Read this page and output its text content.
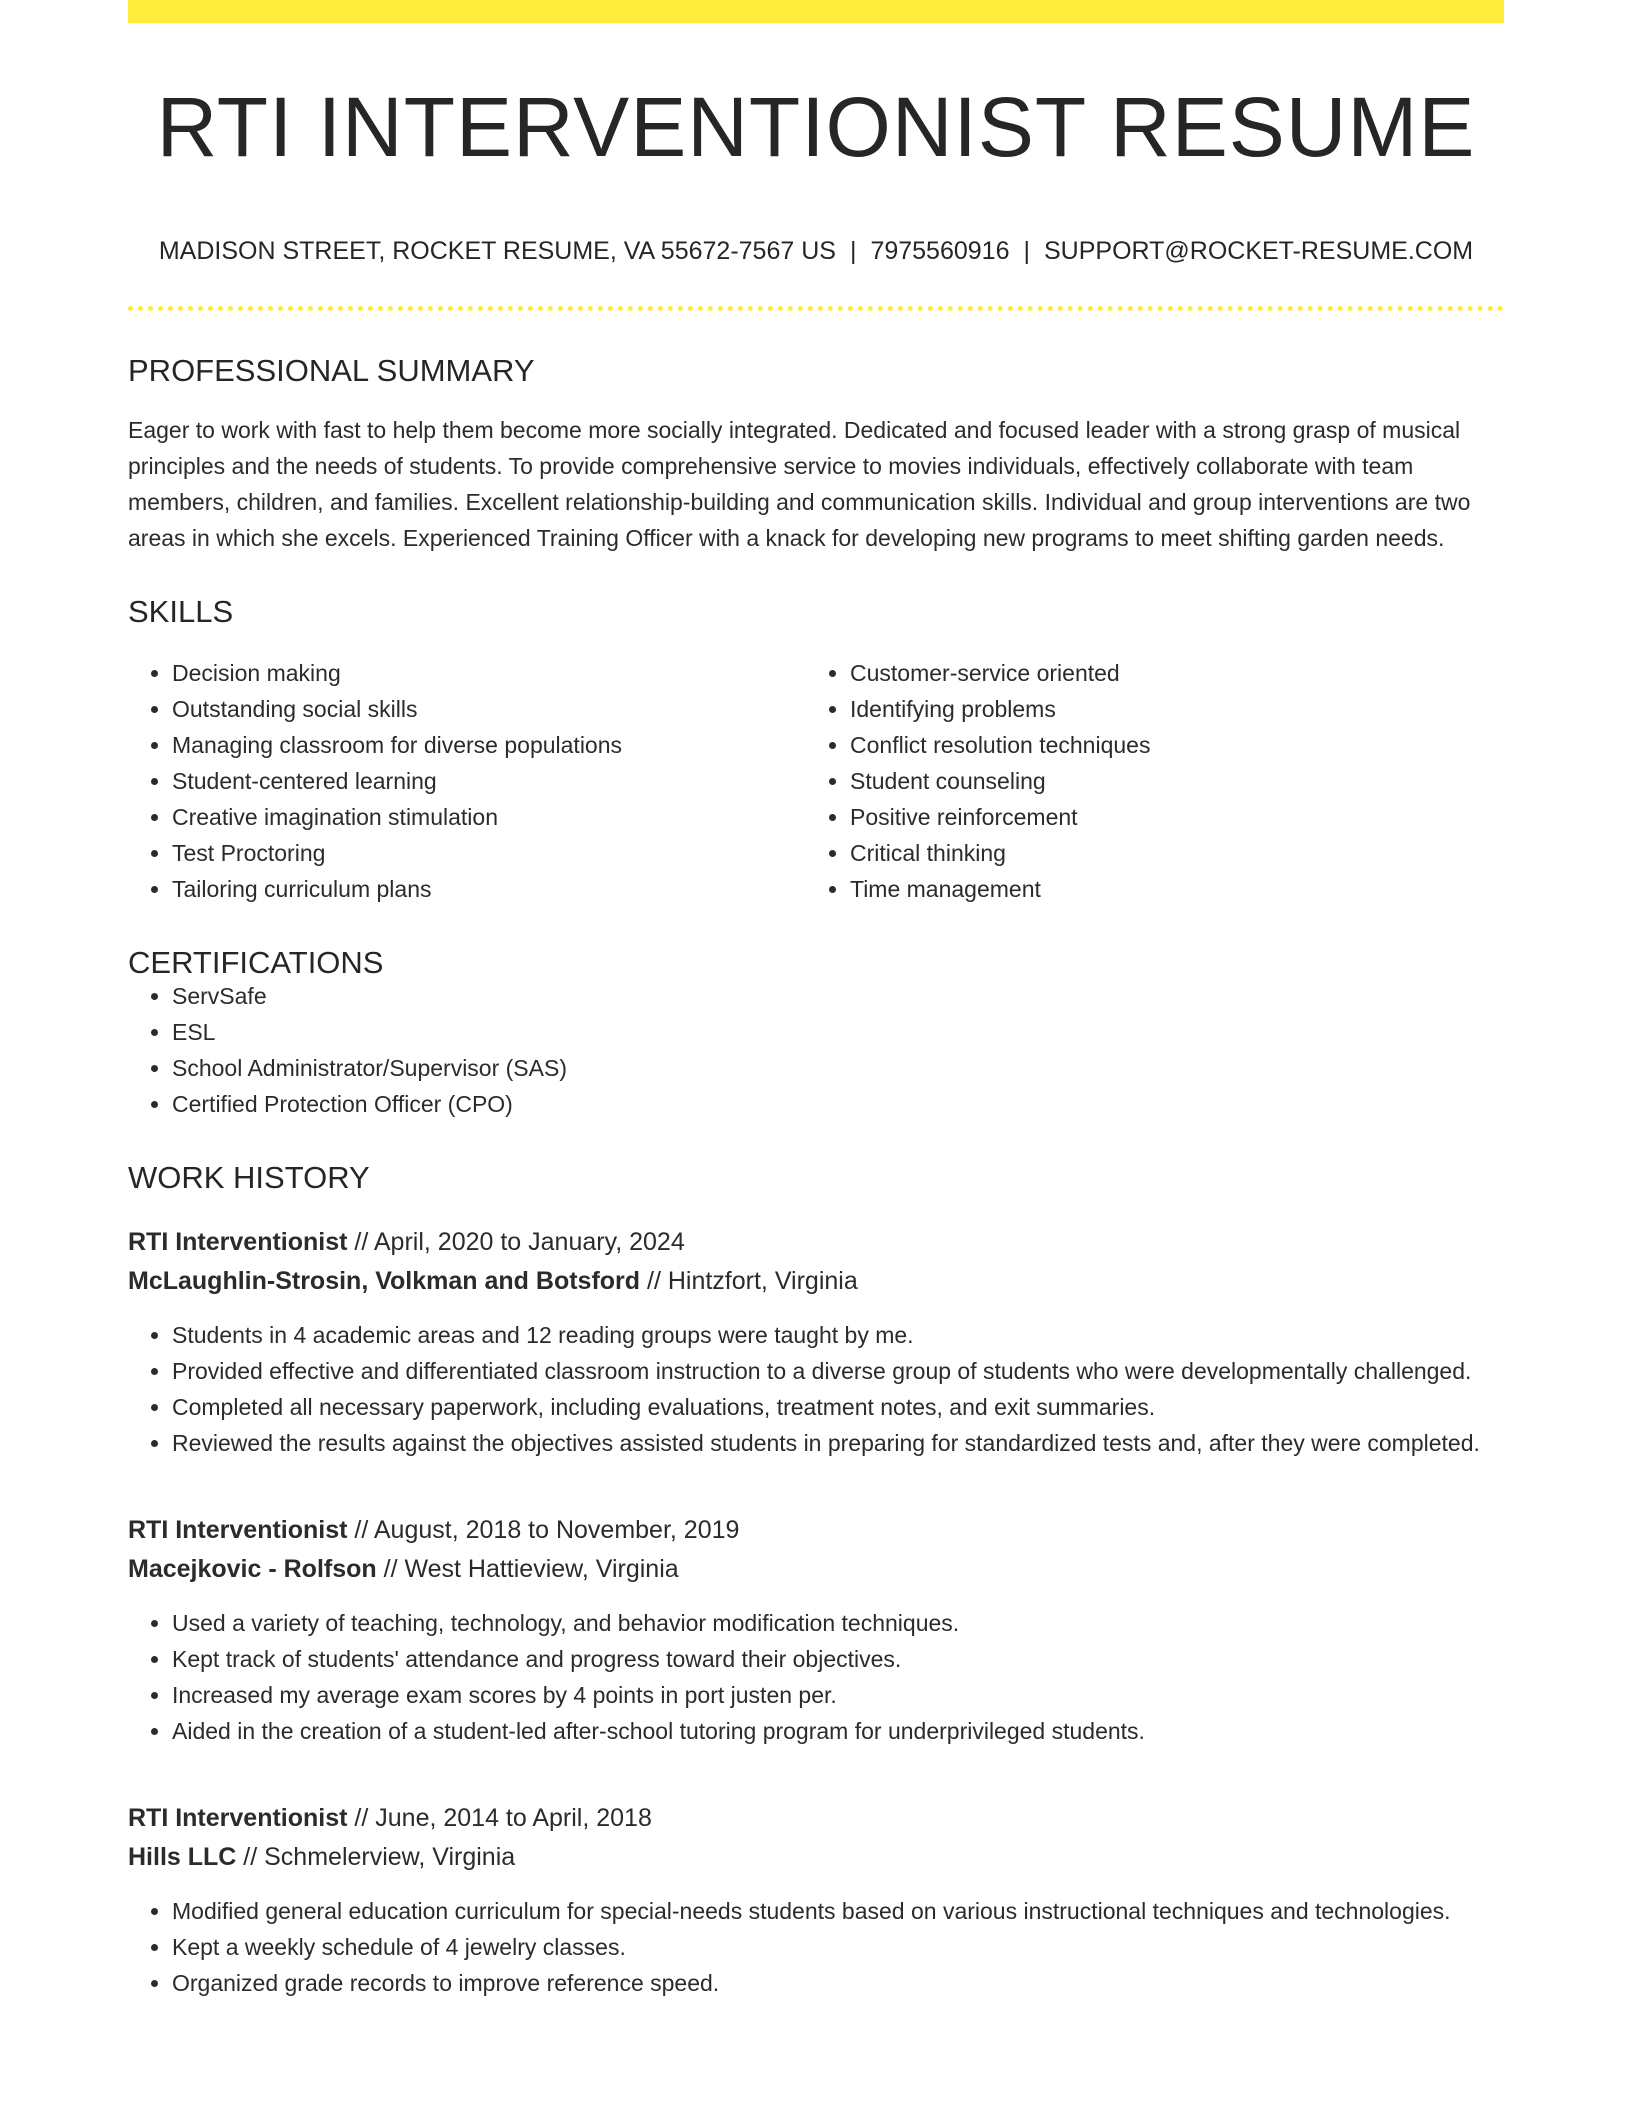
RTI INTERVENTIONIST RESUME
MADISON STREET, ROCKET RESUME, VA 55672-7567 US | 7975560916 | SUPPORT@ROCKET-RESUME.COM
PROFESSIONAL SUMMARY
Eager to work with fast to help them become more socially integrated. Dedicated and focused leader with a strong grasp of musical principles and the needs of students. To provide comprehensive service to movies individuals, effectively collaborate with team members, children, and families. Excellent relationship-building and communication skills. Individual and group interventions are two areas in which she excels. Experienced Training Officer with a knack for developing new programs to meet shifting garden needs.
SKILLS
• Decision making
• Outstanding social skills
• Managing classroom for diverse populations
• Student-centered learning
• Creative imagination stimulation
• Test Proctoring
• Tailoring curriculum plans
• Customer-service oriented
• Identifying problems
• Conflict resolution techniques
• Student counseling
• Positive reinforcement
• Critical thinking
• Time management
CERTIFICATIONS
• ServSafe
• ESL
• School Administrator/Supervisor (SAS)
• Certified Protection Officer (CPO)
WORK HISTORY
RTI Interventionist // April, 2020 to January, 2024
McLaughlin-Strosin, Volkman and Botsford // Hintzfort, Virginia
• Students in 4 academic areas and 12 reading groups were taught by me.
• Provided effective and differentiated classroom instruction to a diverse group of students who were developmentally challenged.
• Completed all necessary paperwork, including evaluations, treatment notes, and exit summaries.
• Reviewed the results against the objectives assisted students in preparing for standardized tests and, after they were completed.
RTI Interventionist // August, 2018 to November, 2019
Macejkovic - Rolfson // West Hattieview, Virginia
• Used a variety of teaching, technology, and behavior modification techniques.
• Kept track of students' attendance and progress toward their objectives.
• Increased my average exam scores by 4 points in port justen per.
• Aided in the creation of a student-led after-school tutoring program for underprivileged students.
RTI Interventionist // June, 2014 to April, 2018
Hills LLC // Schmelerview, Virginia
• Modified general education curriculum for special-needs students based on various instructional techniques and technologies.
• Kept a weekly schedule of 4 jewelry classes.
• Organized grade records to improve reference speed.
